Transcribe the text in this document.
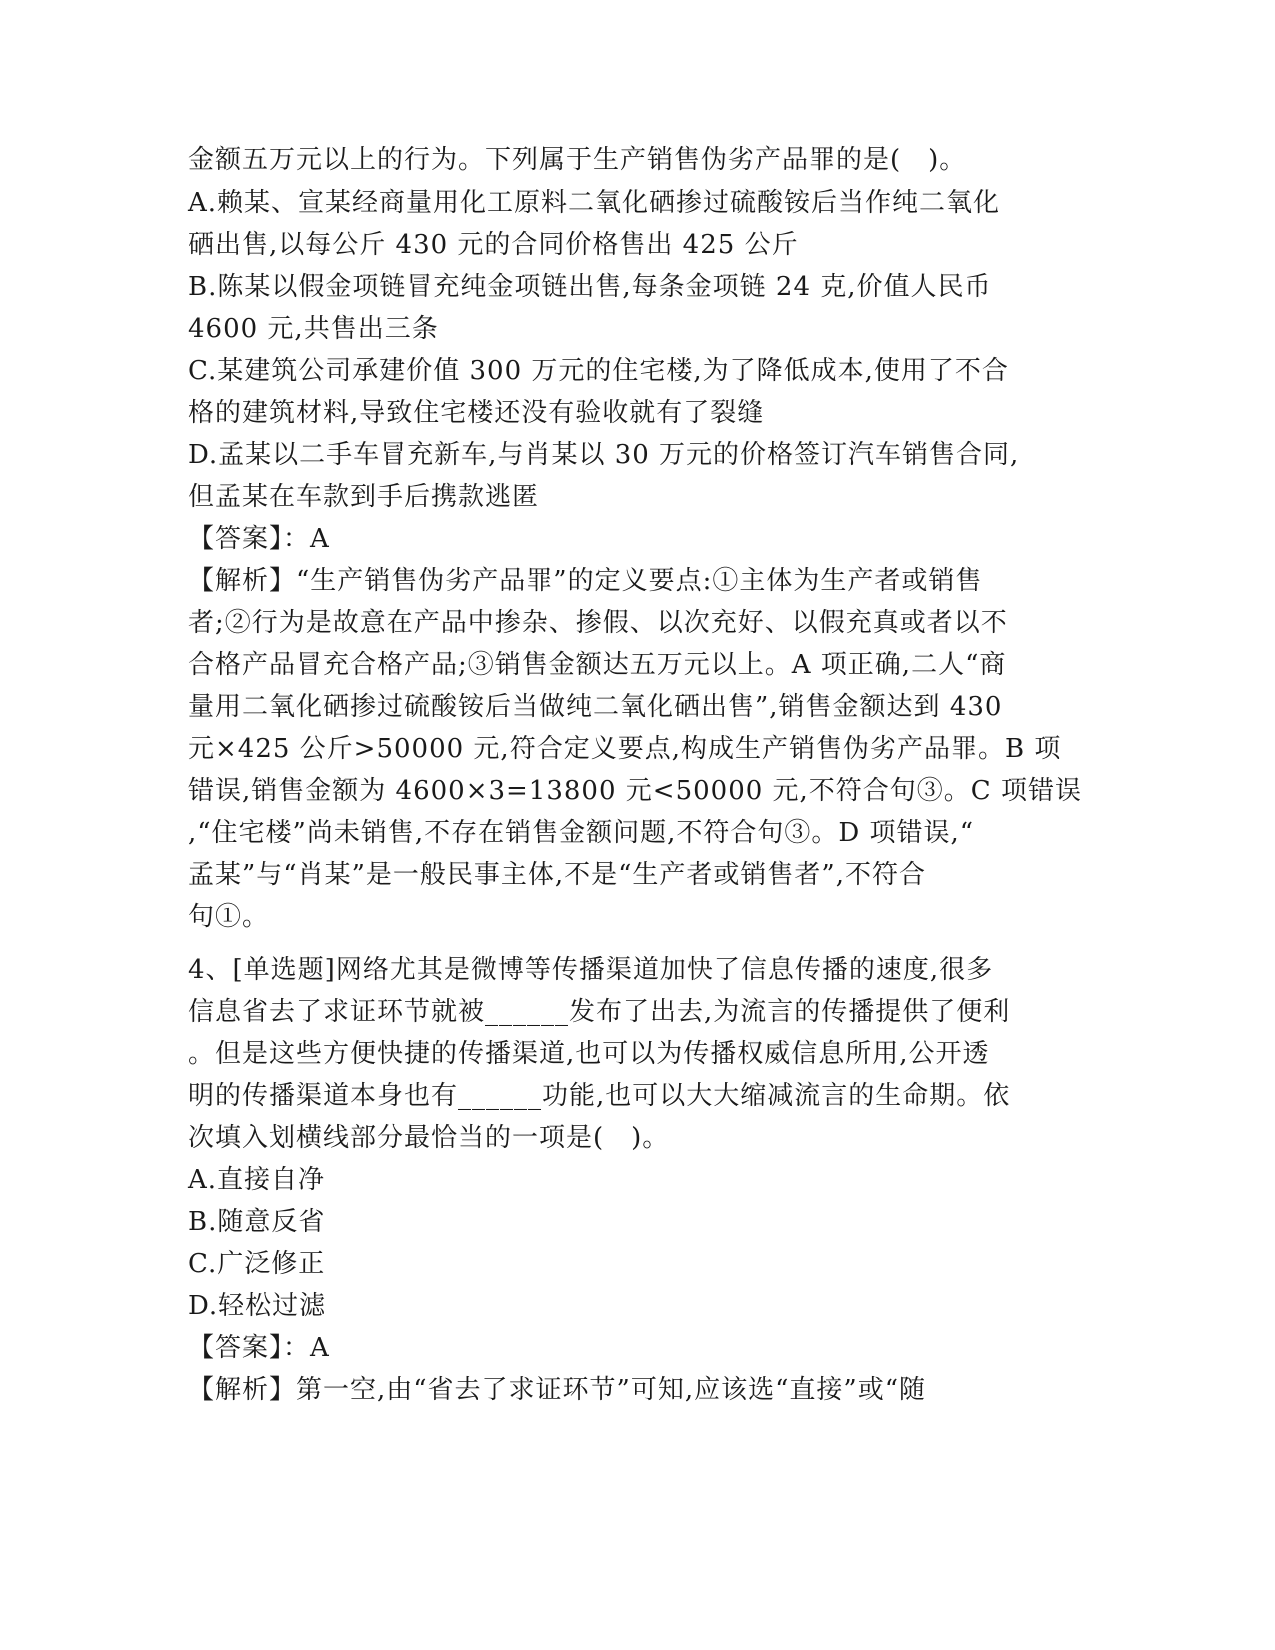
金额五万元以上的行为。下列属于生产销售伪劣产品罪的是(　)。
A.赖某、宣某经商量用化工原料二氧化硒掺过硫酸铵后当作纯二氧化
硒出售,以每公斤 430 元的合同价格售出 425 公斤
B.陈某以假金项链冒充纯金项链出售,每条金项链 24 克,价值人民币
4600 元,共售出三条
C.某建筑公司承建价值 300 万元的住宅楼,为了降低成本,使用了不合
格的建筑材料,导致住宅楼还没有验收就有了裂缝
D.孟某以二手车冒充新车,与肖某以 30 万元的价格签订汽车销售合同,
但孟某在车款到手后携款逃匿
【答案】：A
【解析】“生产销售伪劣产品罪”的定义要点:①主体为生产者或销售
者;②行为是故意在产品中掺杂、掺假、以次充好、以假充真或者以不
合格产品冒充合格产品;③销售金额达五万元以上。A 项正确,二人“商
量用二氧化硒掺过硫酸铵后当做纯二氧化硒出售”,销售金额达到 430
元×425 公斤>50000 元,符合定义要点,构成生产销售伪劣产品罪。B 项
错误,销售金额为 4600×3=13800 元<50000 元,不符合句③。C 项错误
,“住宅楼”尚未销售,不存在销售金额问题,不符合句③。D 项错误,“
孟某”与“肖某”是一般民事主体,不是“生产者或销售者”,不符合
句①。
4、[单选题]网络尤其是微博等传播渠道加快了信息传播的速度,很多
信息省去了求证环节就被______发布了出去,为流言的传播提供了便利
。但是这些方便快捷的传播渠道,也可以为传播权威信息所用,公开透
明的传播渠道本身也有______功能,也可以大大缩减流言的生命期。依
次填入划横线部分最恰当的一项是(　)。
A.直接自净
B.随意反省
C.广泛修正
D.轻松过滤
【答案】：A
【解析】第一空,由“省去了求证环节”可知,应该选“直接”或“随
